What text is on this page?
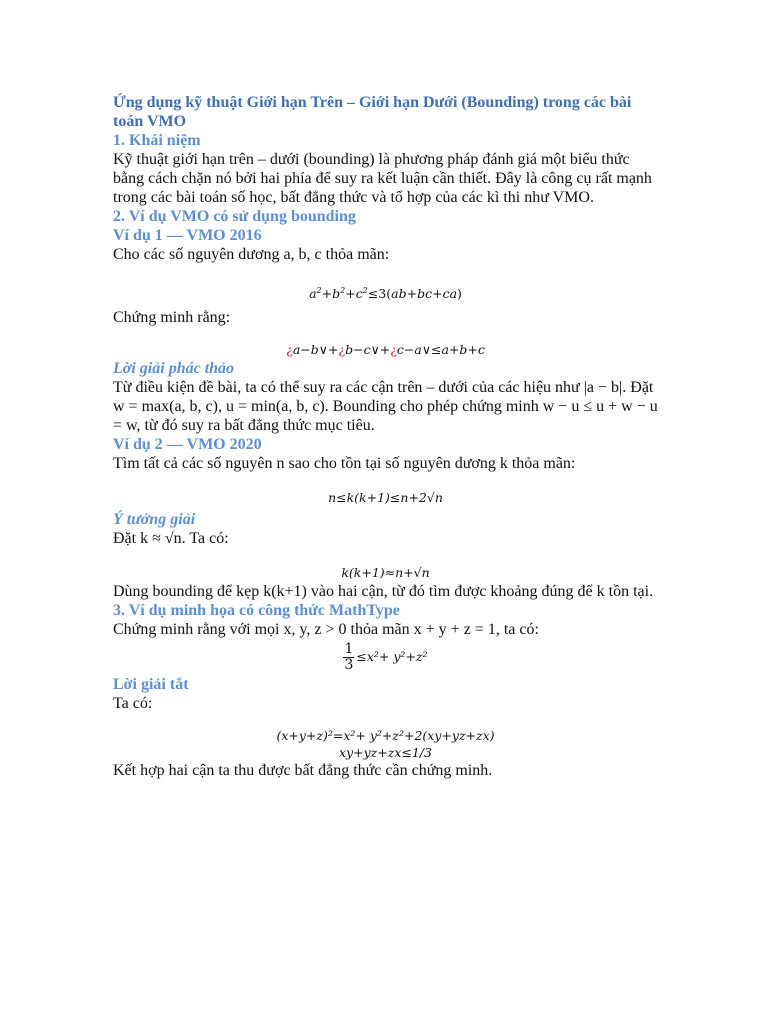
Ứng dụng kỹ thuật Giới hạn Trên – Giới hạn Dưới (Bounding) trong các bài toán VMO

1. Khái niệm

Kỹ thuật giới hạn trên – dưới (bounding) là phương pháp đánh giá một biểu thức bằng cách chặn nó bởi hai phía để suy ra kết luận cần thiết. Đây là công cụ rất mạnh trong các bài toán số học, bất đẳng thức và tổ hợp của các kì thi như VMO.

2. Ví dụ VMO có sử dụng bounding

Ví dụ 1 — VMO 2016

Cho các số nguyên dương a, b, c thỏa mãn:

$a^2+b^2+c^2\le 3(ab+bc+ca)$

Chứng minh rằng:

¿a−b∨+¿b−c∨+¿c−a∨≤a+b+c

Lời giải phác thảo

Từ điều kiện đề bài, ta có thể suy ra các cận trên – dưới của các hiệu như |a − b|. Đặt w = max(a, b, c), u = min(a, b, c). Bounding cho phép chứng minh w − u ≤ u + w − u = w, từ đó suy ra bất đẳng thức mục tiêu.

Ví dụ 2 — VMO 2020

Tìm tất cả các số nguyên n sao cho tồn tại số nguyên dương k thỏa mãn:

n≤k(k+1)≤n+2√n

Ý tưởng giải

Đặt k ≈ √n. Ta có:

k(k+1)≈n+√n

Dùng bounding để kẹp k(k+1) vào hai cận, từ đó tìm được khoảng đúng để k tồn tại.

3. Ví dụ minh họa có công thức MathType

Chứng minh rằng với mọi x, y, z > 0 thỏa mãn x + y + z = 1, ta có:

$\frac{1}{3} \le x^2+ y^2+z^2$

Lời giải tắt

Ta có:

(x+y+z)²=x²+ y²+z²+2(xy+yz+zx)

xy+yz+zx≤1/3

Kết hợp hai cận ta thu được bất đẳng thức cần chứng minh.
